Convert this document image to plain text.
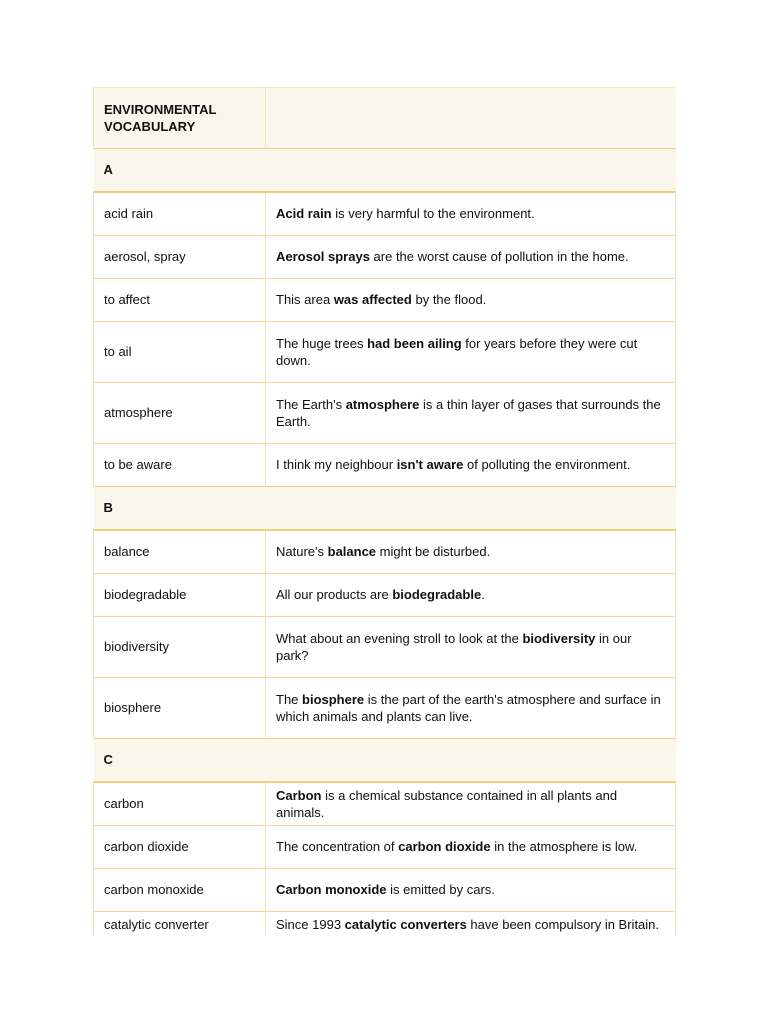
ENVIRONMENTAL
VOCABULARY	
A	
acid rain	Acid rain is very harmful to the environment.
aerosol, spray	Aerosol sprays are the worst cause of pollution in the home.
to affect	This area was affected by the flood.
to ail	The huge trees had been ailing for years before they were cut down.
atmosphere	The Earth's atmosphere is a thin layer of gases that surrounds the Earth.
to be aware	I think my neighbour isn't aware of polluting the environment.
B	
balance	Nature's balance might be disturbed.
biodegradable	All our products are biodegradable.
biodiversity	What about an evening stroll to look at the biodiversity in our park?
biosphere	The biosphere is the part of the earth's atmosphere and surface in which animals and plants can live.
C	
carbon	Carbon is a chemical substance contained in all plants and animals.
carbon dioxide	The concentration of carbon dioxide in the atmosphere is low.
carbon monoxide	Carbon monoxide is emitted by cars.
catalytic converter	Since 1993 catalytic converters have been compulsory in Britain.
